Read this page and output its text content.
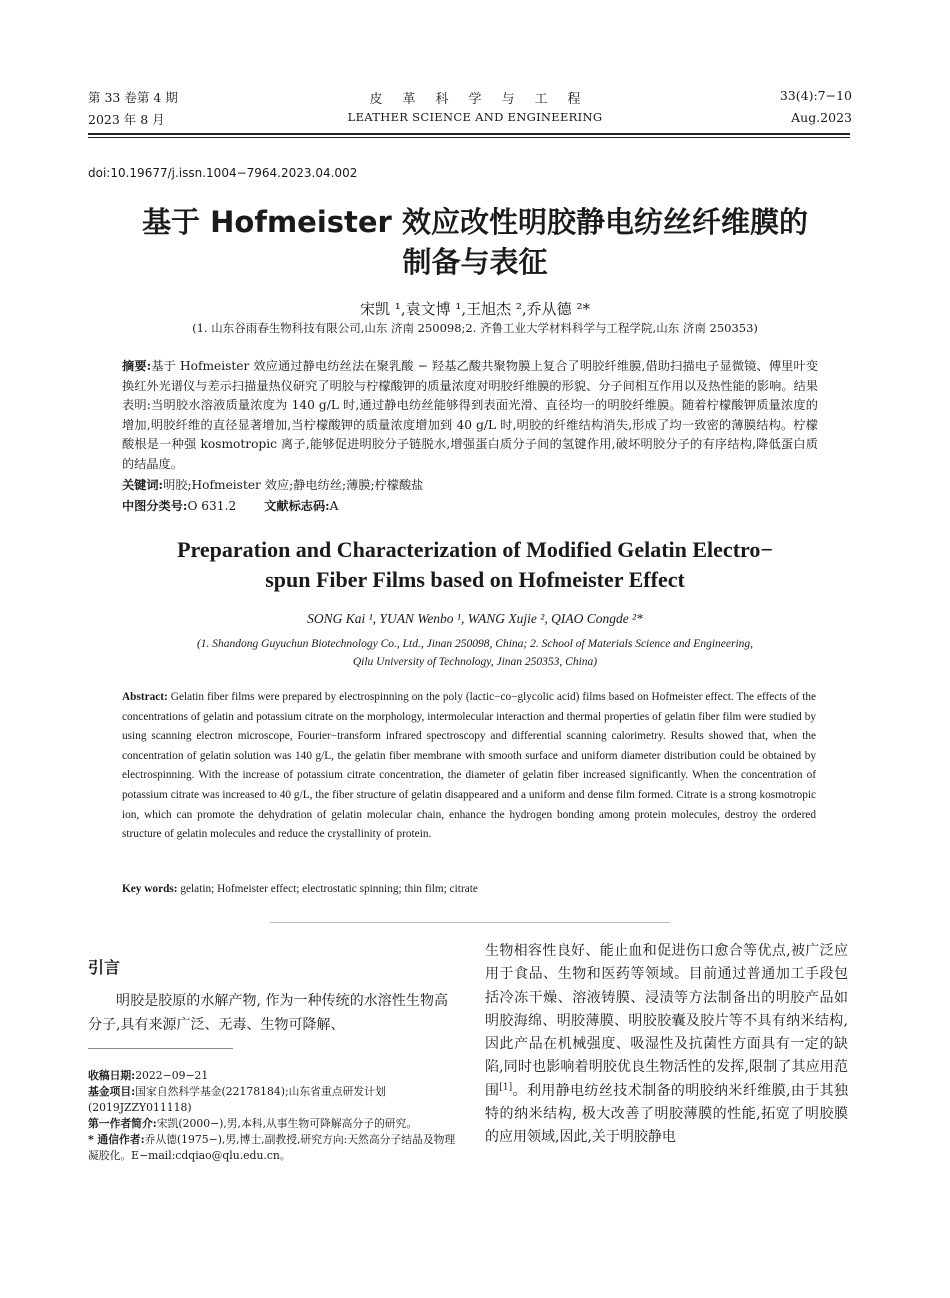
第 33 卷第 4 期
2023 年 8 月
皮革科学与工程
LEATHER SCIENCE AND ENGINEERING
33(4):7−10
Aug.2023
doi:10.19677/j.issn.1004−7964.2023.04.002
基于 Hofmeister 效应改性明胶静电纺丝纤维膜的
制备与表征
宋凯 ¹,袁文博 ¹,王旭杰 ²,乔从德 ²*
(1. 山东谷雨春生物科技有限公司,山东 济南 250098;2. 齐鲁工业大学材料科学与工程学院,山东 济南 250353)
摘要:基于 Hofmeister 效应通过静电纺丝法在聚乳酸 − 羟基乙酸共聚物膜上复合了明胶纤维膜,借助扫描电子显微镜、傅里叶变换红外光谱仪与差示扫描量热仪研究了明胶与柠檬酸钾的质量浓度对明胶纤维膜的形貌、分子间相互作用以及热性能的影响。结果表明:当明胶水溶液质量浓度为 140 g/L 时,通过静电纺丝能够得到表面光滑、直径均一的明胶纤维膜。随着柠檬酸钾质量浓度的增加,明胶纤维的直径显著增加,当柠檬酸钾的质量浓度增加到 40 g/L 时,明胶的纤维结构消失,形成了均一致密的薄膜结构。柠檬酸根是一种强 kosmotropic 离子,能够促进明胶分子链脱水,增强蛋白质分子间的氢键作用,破坏明胶分子的有序结构,降低蛋白质的结晶度。
关键词:明胶;Hofmeister 效应;静电纺丝;薄膜;柠檬酸盐
中图分类号:O 631.2 文献标志码:A
Preparation and Characterization of Modified Gelatin Electro−
spun Fiber Films based on Hofmeister Effect
SONG Kai ¹, YUAN Wenbo ¹, WANG Xujie ², QIAO Congde ²*
(1. Shandong Guyuchun Biotechnology Co., Ltd., Jinan 250098, China; 2. School of Materials Science and Engineering,
Qilu University of Technology, Jinan 250353, China)
Abstract: Gelatin fiber films were prepared by electrospinning on the poly (lactic−co−glycolic acid) films based on Hofmeister effect. The effects of the concentrations of gelatin and potassium citrate on the morphology, intermolecular interaction and thermal properties of gelatin fiber film were studied by using scanning electron microscope, Fourier−transform infrared spectroscopy and differential scanning calorimetry. Results showed that, when the concentration of gelatin solution was 140 g/L, the gelatin fiber membrane with smooth surface and uniform diameter distribution could be obtained by electrospinning. With the increase of potassium citrate concentration, the diameter of gelatin fiber increased significantly. When the concentration of potassium citrate was increased to 40 g/L, the fiber structure of gelatin disappeared and a uniform and dense film formed. Citrate is a strong kosmotropic ion, which can promote the dehydration of gelatin molecular chain, enhance the hydrogen bonding among protein molecules, destroy the ordered structure of gelatin molecules and reduce the crystallinity of protein.
Key words: gelatin; Hofmeister effect; electrostatic spinning; thin film; citrate
引言
明胶是胶原的水解产物, 作为一种传统的水溶性生物高分子,具有来源广泛、无毒、生物可降解、
收稿日期:2022−09−21
基金项目:国家自然科学基金(22178184);山东省重点研发计划(2019JZZY011118)
第一作者简介:宋凯(2000−),男,本科,从事生物可降解高分子的研究。
* 通信作者:乔从德(1975−),男,博士,副教授,研究方向:天然高分子结晶及物理凝胶化。E−mail:cdqiao@qlu.edu.cn。
生物相容性良好、能止血和促进伤口愈合等优点,被广泛应用于食品、生物和医药等领域。目前通过普通加工手段包括冷冻干燥、溶液铸膜、浸渍等方法制备出的明胶产品如明胶海绵、明胶薄膜、明胶胶囊及胶片等不具有纳米结构,因此产品在机械强度、吸湿性及抗菌性方面具有一定的缺陷,同时也影响着明胶优良生物活性的发挥,限制了其应用范围[1]。利用静电纺丝技术制备的明胶纳米纤维膜,由于其独特的纳米结构, 极大改善了明胶薄膜的性能,拓宽了明胶膜的应用领域,因此,关于明胶静电
